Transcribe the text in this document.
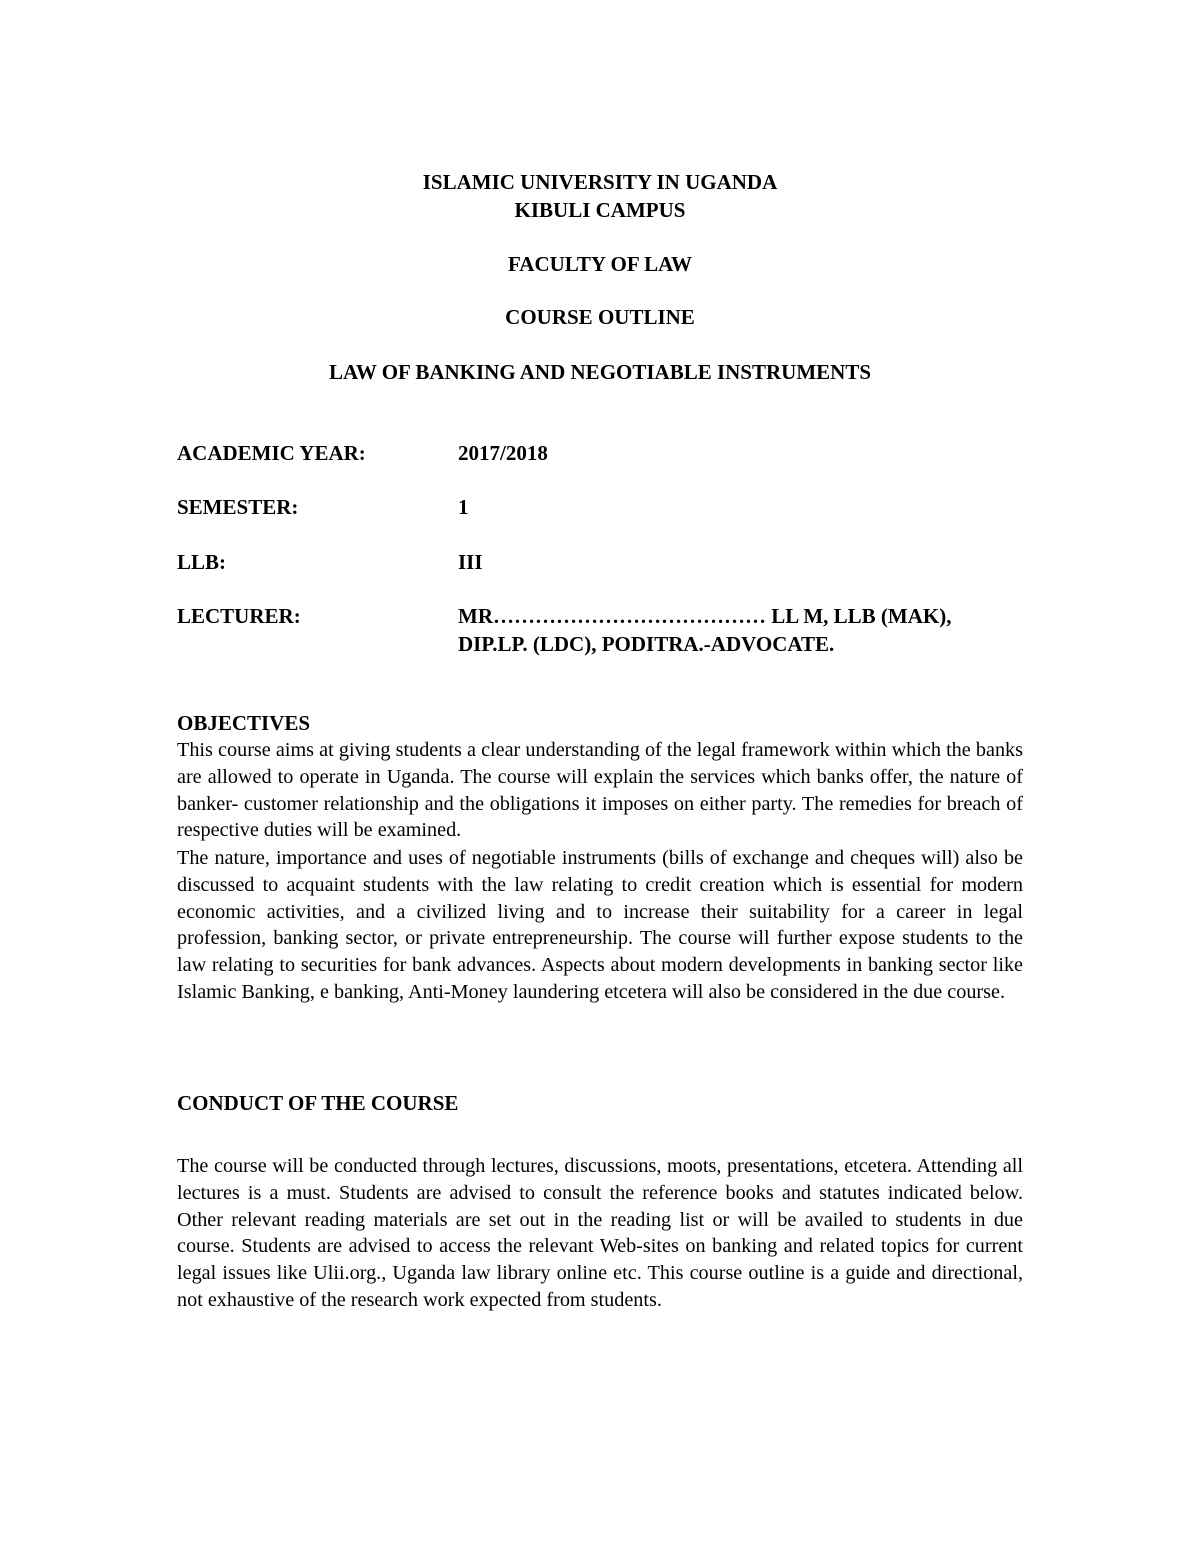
ISLAMIC UNIVERSITY IN UGANDA
KIBULI CAMPUS
FACULTY OF LAW
COURSE OUTLINE
LAW OF BANKING AND NEGOTIABLE INSTRUMENTS
ACADEMIC YEAR:	2017/2018
SEMESTER:	1
LLB:	III
LECTURER:	MR………………………………… LL M, LLB (MAK),
DIP.LP. (LDC), PODITRA.-ADVOCATE.
OBJECTIVES

This course aims at giving students a clear understanding of the legal framework within which the banks are allowed to operate in Uganda. The course will explain the services which banks offer, the nature of banker- customer relationship and the obligations it imposes on either party. The remedies for breach of respective duties will be examined.

The nature, importance and uses of negotiable instruments (bills of exchange and cheques will) also be discussed to acquaint students with the law relating to credit creation which is essential for modern economic activities, and a civilized living and to increase their suitability for a career in legal profession, banking sector, or private entrepreneurship. The course will further expose students to the law relating to securities for bank advances. Aspects about modern developments in banking sector like Islamic Banking, e banking, Anti-Money laundering etcetera will also be considered in the due course.

CONDUCT OF THE COURSE

The course will be conducted through lectures, discussions, moots, presentations, etcetera. Attending all lectures is a must. Students are advised to consult the reference books and statutes indicated below. Other relevant reading materials are set out in the reading list or will be availed to students in due course. Students are advised to access the relevant Web-sites on banking and related topics for current legal issues like Ulii.org., Uganda law library online etc. This course outline is a guide and directional, not exhaustive of the research work expected from students.
